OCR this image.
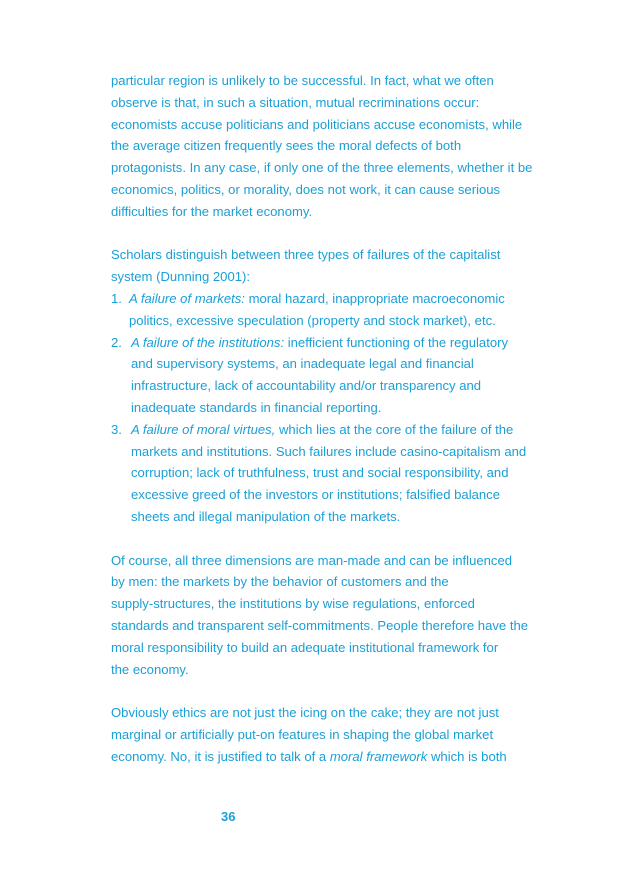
particular region is unlikely to be successful. In fact, what we often
observe is that, in such a situation, mutual recriminations occur:
economists accuse politicians and politicians accuse economists, while
the average citizen frequently sees the moral defects of both
protagonists. In any case, if only one of the three elements, whether it be
economics, politics, or morality, does not work, it can cause serious
difficulties for the market economy.
Scholars distinguish between three types of failures of the capitalist
system (Dunning 2001):
1. A failure of markets: moral hazard, inappropriate macroeconomic
politics, excessive speculation (property and stock market), etc.
2. A failure of the institutions: inefficient functioning of the regulatory
and supervisory systems, an inadequate legal and financial
infrastructure, lack of accountability and/or transparency and
inadequate standards in financial reporting.
3. A failure of moral virtues, which lies at the core of the failure of the
markets and institutions. Such failures include casino-capitalism and
corruption; lack of truthfulness, trust and social responsibility, and
excessive greed of the investors or institutions; falsified balance
sheets and illegal manipulation of the markets.
Of course, all three dimensions are man-made and can be influenced
by men: the markets by the behavior of customers and the
supply-structures, the institutions by wise regulations, enforced
standards and transparent self-commitments. People therefore have the
moral responsibility to build an adequate institutional framework for
the economy.
Obviously ethics are not just the icing on the cake; they are not just
marginal or artificially put-on features in shaping the global market
economy. No, it is justified to talk of a moral framework which is both
36
